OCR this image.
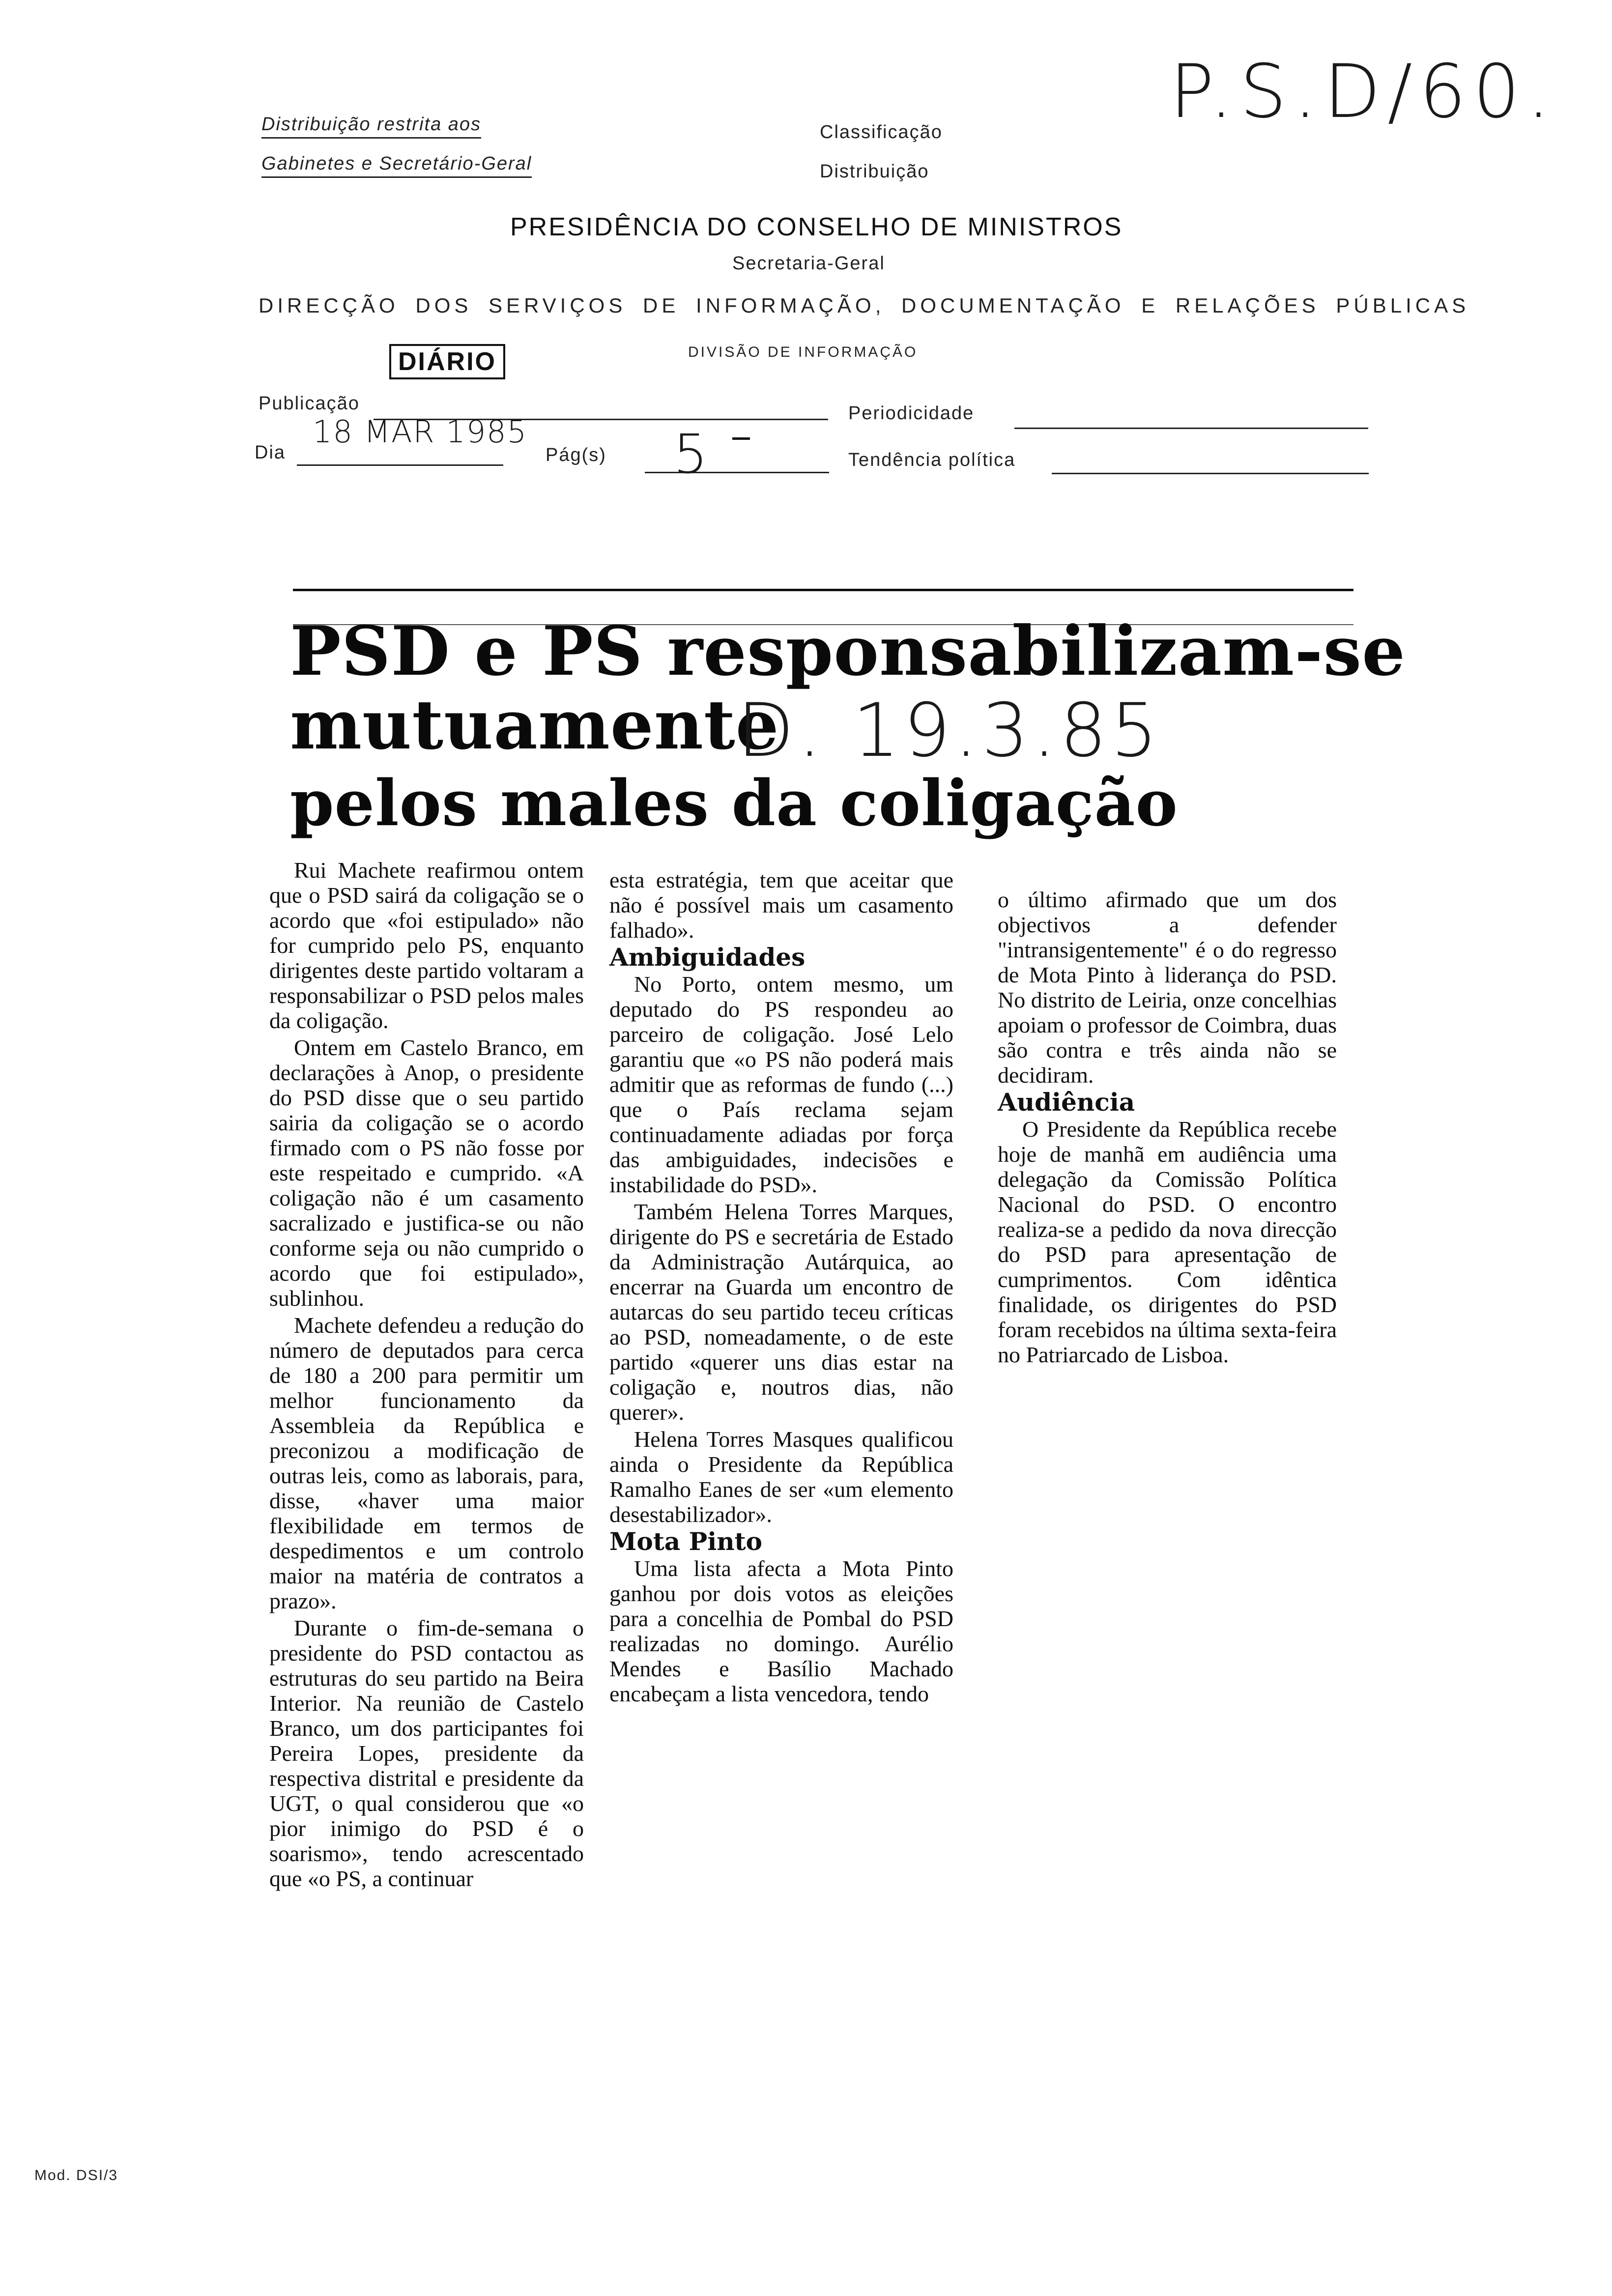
Distribuição restrita aos
Gabinetes e Secretário-Geral
Classificação
Distribuição
P.S.D/60.
PRESIDÊNCIA DO CONSELHO DE MINISTROS
Secretaria-Geral
DIRECÇÃO DOS SERVIÇOS DE INFORMAÇÃO, DOCUMENTAÇÃO E RELAÇÕES PÚBLICAS
DIVISÃO DE INFORMAÇÃO
DIÁRIO
Publicação	Periodicidade
Dia
18 MAR 1985
Pág(s) 5	Tendência política
PSD e PS responsabilizam-se
mutuamente
D. 19.3.85
pelos males da coligação

Rui Machete reafirmou ontem que o PSD sairá da coligação se o acordo que «foi estipulado» não for cumprido pelo PS, enquanto dirigentes deste partido voltaram a responsabilizar o PSD pelos males da coligação.

Ontem em Castelo Branco, em declarações à Anop, o presidente do PSD disse que o seu partido sairia da coligação se o acordo firmado com o PS não fosse por este respeitado e cumprido. «A coligação não é um casamento sacralizado e justifica-se ou não conforme seja ou não cumprido o acordo que foi estipulado», sublinhou.

Machete defendeu a redução do número de deputados para cerca de 180 a 200 para permitir um melhor funcionamento da Assembleia da República e preconizou a modificação de outras leis, como as laborais, para, disse, «haver uma maior flexibilidade em termos de despedimentos e um controlo maior na matéria de contratos a prazo».

Durante o fim-de-semana o presidente do PSD contactou as estruturas do seu partido na Beira Interior. Na reunião de Castelo Branco, um dos participantes foi Pereira Lopes, presidente da respectiva distrital e presidente da UGT, o qual considerou que «o pior inimigo do PSD é o soarismo», tendo acrescentado que «o PS, a continuar

esta estratégia, tem que aceitar que não é possível mais um casamento falhado».

Ambiguidades

No Porto, ontem mesmo, um deputado do PS respondeu ao parceiro de coligação. José Lelo garantiu que «o PS não poderá mais admitir que as reformas de fundo (...) que o País reclama sejam continuadamente adiadas por força das ambiguidades, indecisões e instabilidade do PSD».

Também Helena Torres Marques, dirigente do PS e secretária de Estado da Administração Autárquica, ao encerrar na Guarda um encontro de autarcas do seu partido teceu críticas ao PSD, nomeadamente, o de este partido «querer uns dias estar na coligação e, noutros dias, não querer».

Helena Torres Masques qualificou ainda o Presidente da República Ramalho Eanes de ser «um elemento desestabilizador».

Mota Pinto

Uma lista afecta a Mota Pinto ganhou por dois votos as eleições para a concelhia de Pombal do PSD realizadas no domingo. Aurélio Mendes e Basílio Machado encabeçam a lista vencedora, tendo

o último afirmado que um dos objectivos a defender "intransigentemente" é o do regresso de Mota Pinto à liderança do PSD. No distrito de Leiria, onze concelhias apoiam o professor de Coimbra, duas são contra e três ainda não se decidiram.

Audiência

O Presidente da República recebe hoje de manhã em audiência uma delegação da Comissão Política Nacional do PSD. O encontro realiza-se a pedido da nova direcção do PSD para apresentação de cumprimentos. Com idêntica finalidade, os dirigentes do PSD foram recebidos na última sexta-feira no Patriarcado de Lisboa.

Mod. DSI/3
